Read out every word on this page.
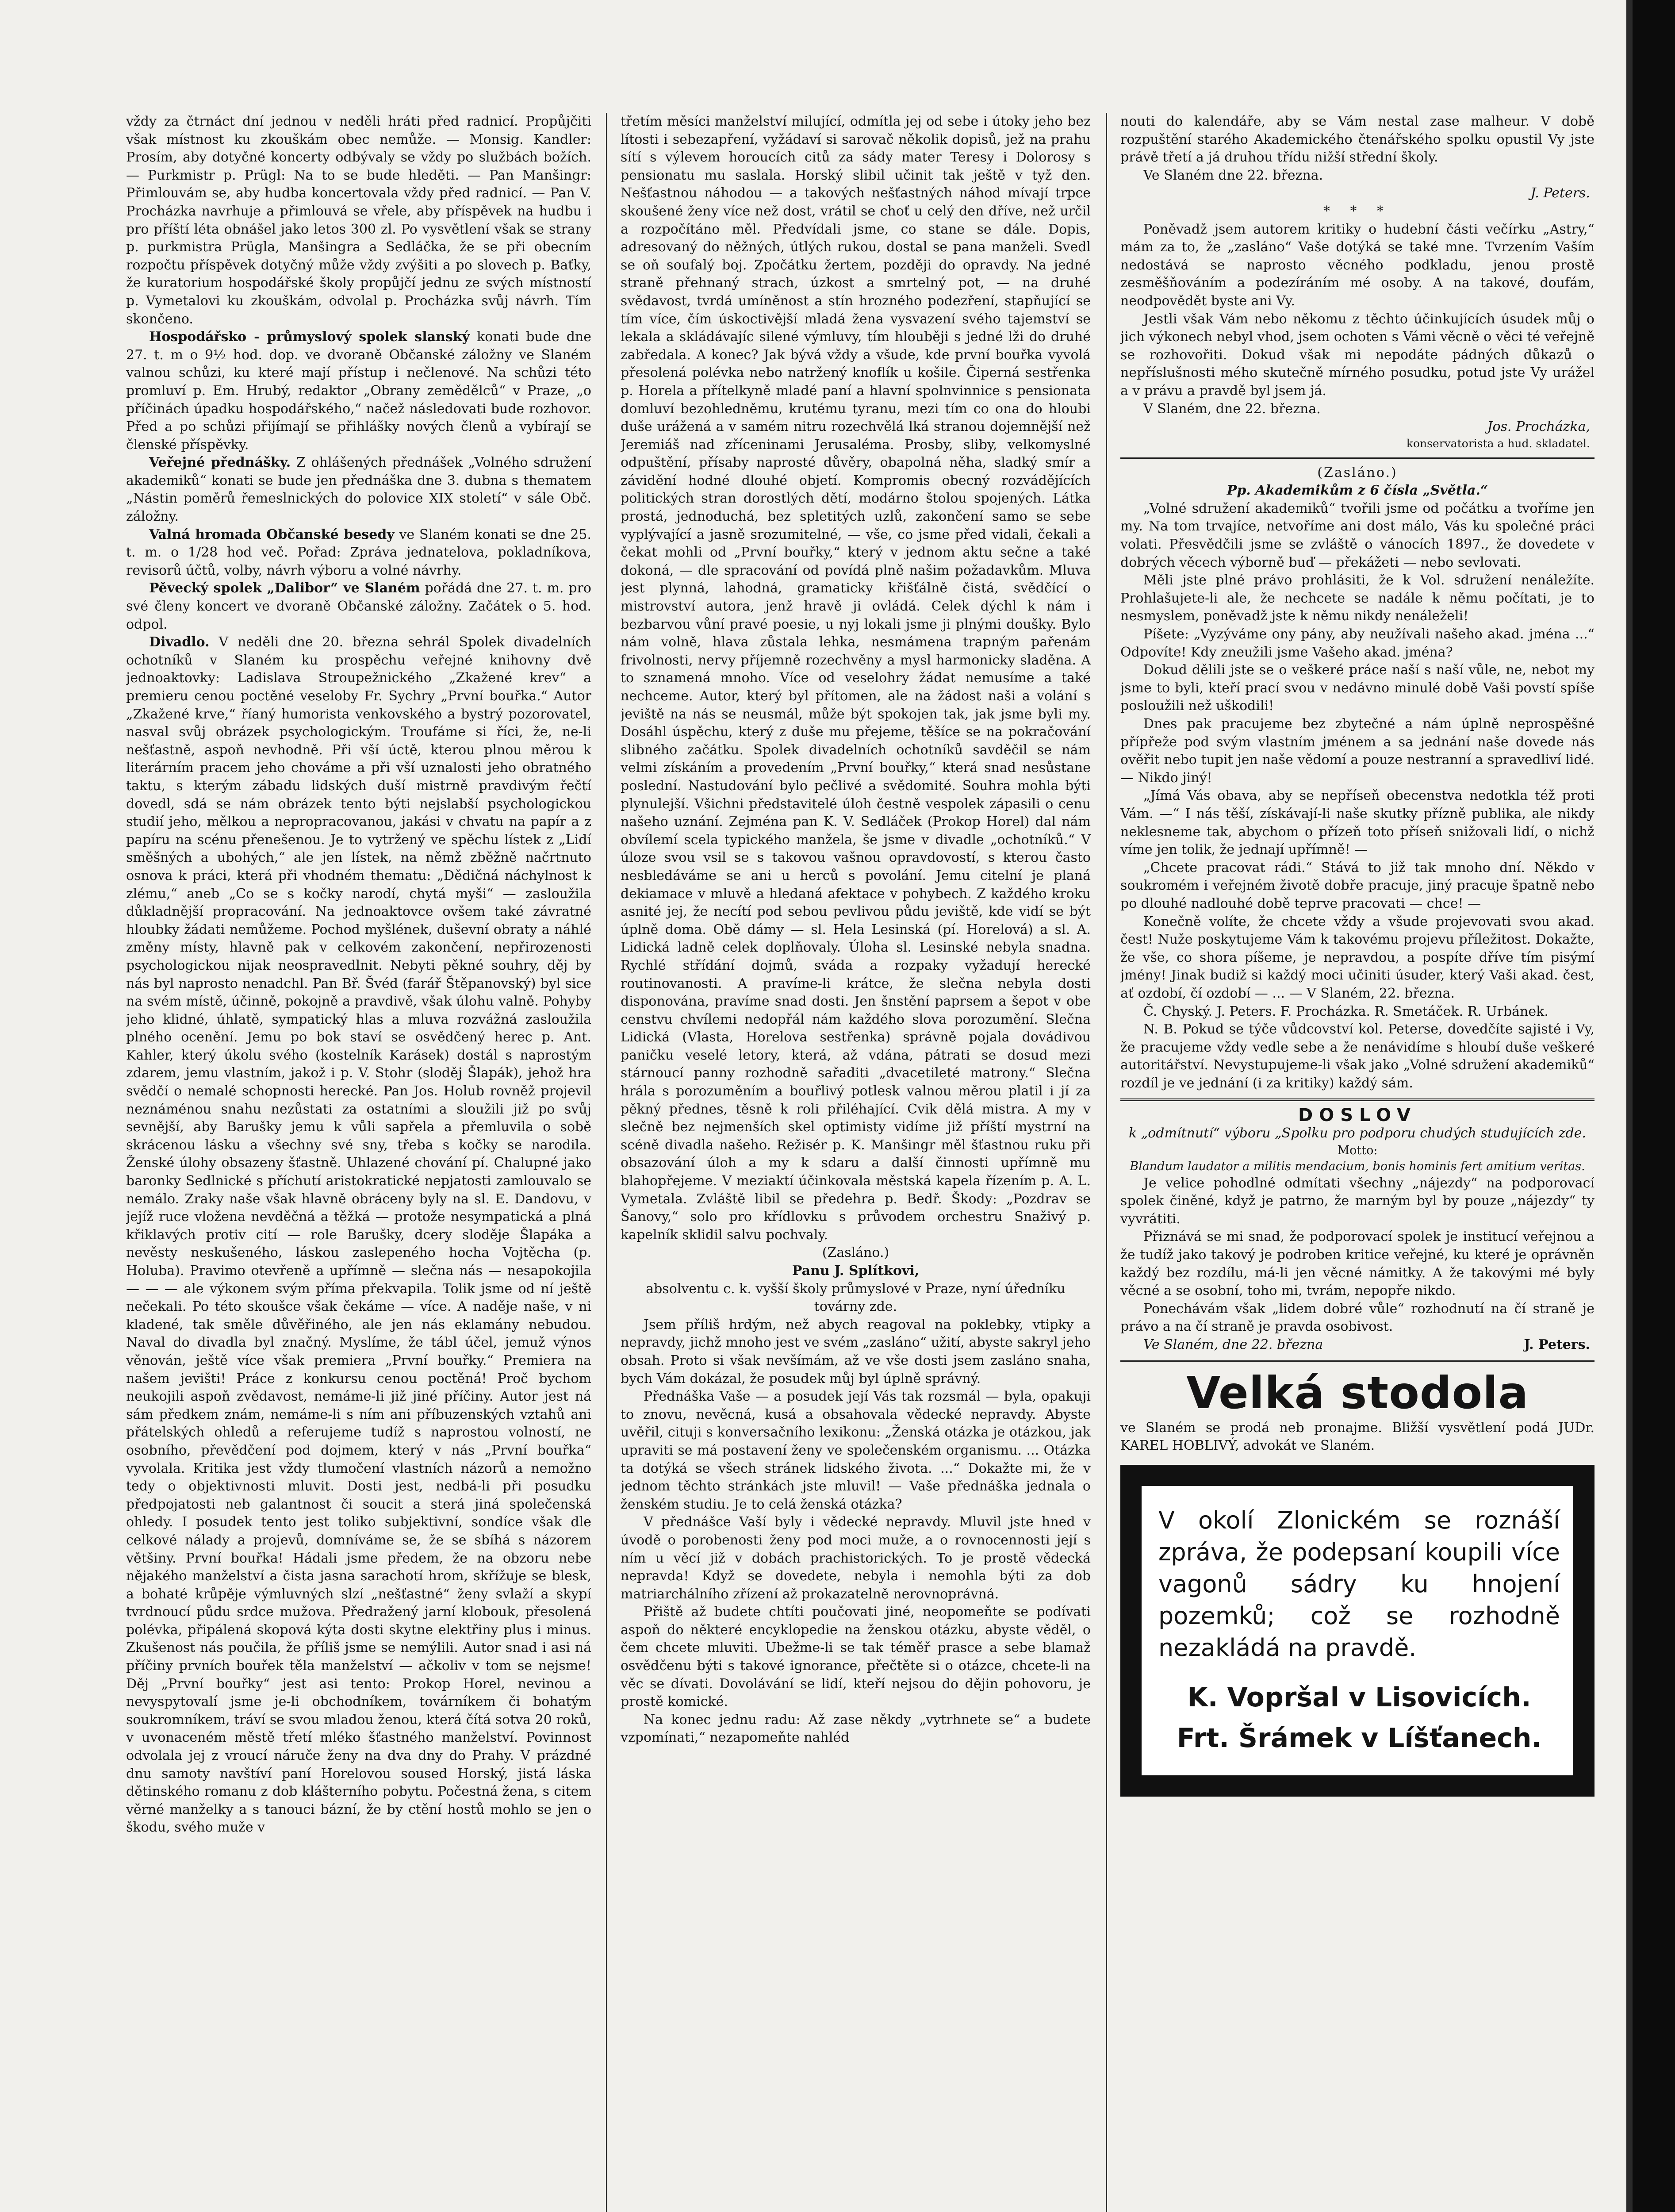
vždy za čtrnáct dní jednou v neděli hráti před radnicí. Propůjčiti však místnost ku zkouškám obec nemůže. — Monsig. Kandler: Prosím, aby dotyčné koncerty odbývaly se vždy po službách božích. — Purkmistr p. Prügl: Na to se bude hleděti. — Pan Manšingr: Přimlouvám se, aby hudba koncertovala vždy před radnicí. — Pan V. Procházka navrhuje a přimlouvá se vřele, aby příspěvek na hudbu i pro příští léta obnášel jako letos 300 zl. Po vysvětlení však se strany p. purkmistra Prügla, Manšingra a Sedláčka, že se při obecním rozpočtu příspěvek dotyčný může vždy zvýšiti a po slovech p. Baťky, že kuratorium hospodářské školy propůjčí jednu ze svých místností p. Vymetalovi ku zkouškám, odvolal p. Procházka svůj návrh. Tím skončeno.

Hospodářsko - průmyslový spolek slanský konati bude dne 27. t. m o 9½ hod. dop. ve dvoraně Občanské záložny ve Slaném valnou schůzi, ku které mají přístup i nečlenové. Na schůzi této promluví p. Em. Hrubý, redaktor „Obrany zemědělců“ v Praze, „o příčinách úpadku hospodářského,“ načež následovati bude rozhovor. Před a po schůzi přijímají se přihlášky nových členů a vybírají se členské příspěvky.

Veřejné přednášky. Z ohlášených přednášek „Volného sdružení akademiků“ konati se bude jen přednáška dne 3. dubna s thematem „Nástin poměrů řemeslnických do polovice XIX století“ v sále Obč. záložny.

Valná hromada Občanské besedy ve Slaném konati se dne 25. t. m. o 1/28 hod več. Pořad: Zpráva jednatelova, pokladníkova, revisorů účtů, volby, návrh výboru a volné návrhy.

Pěvecký spolek „Dalibor“ ve Slaném pořádá dne 27. t. m. pro své členy koncert ve dvoraně Občanské záložny. Začátek o 5. hod. odpol.

Divadlo. V neděli dne 20. března sehrál Spolek divadelních ochotníků v Slaném ku prospěchu veřejné knihovny dvě jednoaktovky: Ladislava Stroupežnického „Zkažené krev“ a premieru cenou poctěné veseloby Fr. Sychry „První bouřka.“ Autor „Zkažené krve,“ říaný humorista venkovského a bystrý pozorovatel, nasval svůj obrázek psychologickým. Troufáme si říci, že, ne-li nešťastně, aspoň nevhodně. Při vší úctě, kterou plnou měrou k literárním pracem jeho chováme a při vší uznalosti jeho obratného taktu, s kterým zábadu lidských duší mistrně pravdivým řečtí dovedl, sdá se nám obrázek tento býti nejslabší psychologickou studií jeho, mělkou a nepropracovanou, jakási v chvatu na papír a z papíru na scénu přenešenou. Je to vytržený ve spěchu lístek z „Lidí směšných a ubohých,“ ale jen lístek, na němž zběžně načrtnuto osnova k práci, která při vhodném thematu: „Dědičná náchylnost k zlému,“ aneb „Co se s kočky narodí, chytá myši“ — zasloužila důkladnější propracování. Na jednoaktovce ovšem také závratné hloubky žádati nemůžeme. Pochod myšlének, duševní obraty a náhlé změny místy, hlavně pak v celkovém zakončení, nepřirozenosti psychologickou nijak neospravedlnit. Nebyti pěkné souhry, děj by nás byl naprosto nenadchl. Pan Bř. Švéd (farář Štěpanovský) byl sice na svém místě, účinně, pokojně a pravdivě, však úlohu valně. Pohyby jeho klidné, úhlatě, sympatický hlas a mluva rozvážná zasloužila plného ocenění. Jemu po bok staví se osvědčený herec p. Ant. Kahler, který úkolu svého (kostelník Karásek) dostál s naprostým zdarem, jemu vlastním, jakož i p. V. Stohr (sloděj Šlapák), jehož hra svědčí o nemalé schopnosti herecké. Pan Jos. Holub rovněž projevil neznáménou snahu nezůstati za ostatními a sloužili již po svůj sevnější, aby Barušky jemu k vůli sapřela a přemluvila o sobě skrácenou lásku a všechny své sny, třeba s kočky se narodila. Ženské úlohy obsazeny šťastně. Uhlazené chování pí. Chalupné jako baronky Sedlnické s příchutí aristokratické nepjatosti zamlouvalo se nemálo. Zraky naše však hlavně obráceny byly na sl. E. Dandovu, v jejíž ruce vložena nevděčná a těžká — protože nesympatická a plná křiklavých protiv cití — role Barušky, dcery sloděje Šlapáka a nevěsty neskušeného, láskou zaslepeného hocha Vojtěcha (p. Holuba). Pravimo otevřeně a upřímně — slečna nás — nesapokojila — — — ale výkonem svým příma překvapila. Tolik jsme od ní ještě nečekali. Po této skoušce však čekáme — více. A naděje naše, v ni kladené, tak směle důvěřiného, ale jen nás eklamány nebudou. Naval do divadla byl značný. Myslíme, že tábl účel, jemuž výnos věnován, ještě více však premiera „První bouřky.“ Premiera na našem jevišti! Práce z konkursu cenou poctěná! Proč bychom neukojili aspoň zvědavost, nemáme-li již jiné příčiny. Autor jest ná sám předkem znám, nemáme-li s ním ani příbuzenských vztahů ani přátelských ohledů a referujeme tudíž s naprostou volností, ne osobního, převědčení pod dojmem, který v nás „První bouřka“ vyvolala. Kritika jest vždy tlumočení vlastních názorů a nemožno tedy o objektivnosti mluvit. Dosti jest, nedbá-li při posudku předpojatosti neb galantnost či soucit a sterá jiná společenská ohledy. I posudek tento jest toliko subjektivní, sondíce však dle celkové nálady a projevů, domníváme se, že se sbíhá s názorem většiny. První bouřka! Hádali jsme předem, že na obzoru nebe nějakého manželství a čista jasna sarachotí hrom, skřížuje se blesk, a bohaté krůpěje výmluvných slzí „nešťastné“ ženy svlaží a skypí tvrdnoucí půdu srdce mužova. Předražený jarní klobouk, přesolená polévka, připálená skopová kýta dosti skytne elektřiny plus i minus. Zkušenost nás poučila, že příliš jsme se nemýlili. Autor snad i asi ná příčiny prvních bouřek těla manželství — ačkoliv v tom se nejsme! Děj „První bouřky“ jest asi tento: Prokop Horel, nevinou a nevyspytovalí jsme je-li obchodníkem, továrníkem či bohatým soukromníkem, tráví se svou mladou ženou, která čítá sotva 20 roků, v uvonaceném městě třetí mléko šťastného manželství. Povinnost odvolala jej z vroucí náruče ženy na dva dny do Prahy. V prázdné dnu samoty navštíví paní Horelovou soused Horský, jistá láska dětinského romanu z dob klášterního pobytu. Počestná žena, s citem věrné manželky a s tanouci bázní, že by ctění hostů mohlo se jen o škodu, svého muže v

třetím měsíci manželství milující, odmítla jej od sebe i útoky jeho bez lítosti i sebezapření, vyžádaví si sarovač několik dopisů, jež na prahu sítí s výlevem horoucích citů za sády mater Teresy i Dolorosy s pensionatu mu saslala. Horský slibil učinit tak ještě v tyž den. Nešťastnou náhodou — a takových nešťastných náhod mívají trpce skoušené ženy více než dost, vrátil se choť u celý den dříve, než určil a rozpočítáno měl. Předvídali jsme, co stane se dále. Dopis, adresovaný do něžných, útlých rukou, dostal se pana manželi. Svedl se oň soufalý boj. Zpočátku žertem, později do opravdy. Na jedné straně přehnaný strach, úzkost a smrtelný pot, — na druhé svědavost, tvrdá umíněnost a stín hrozného podezření, stapňující se tím více, čím úskoctivější mladá žena vysvazení svého tajemství se lekala a skládávajíc silené výmluvy, tím hlouběji s jedné lži do druhé zabředala. A konec? Jak bývá vždy a všude, kde první bouřka vyvolá přesolená polévka nebo natržený knoflík u košile. Čiperná sestřenka p. Horela a přítelkyně mladé paní a hlavní spolnvinnice s pensionata domluví bezohledněmu, krutému tyranu, mezi tím co ona do hloubi duše urážená a v samém nitru rozechvělá lká stranou dojemnější než Jeremiáš nad zříceninami Jerusaléma. Prosby, sliby, velkomyslné odpuštění, přísaby naprosté důvěry, obapolná něha, sladký smír a závidění hodné dlouhé objetí. Kompromis obecný rozvádějících politických stran dorostlých dětí, modárno štolou spojených. Látka prostá, jednoduchá, bez spletitých uzlů, zakončení samo se sebe vyplývající a jasně srozumitelné, — vše, co jsme před vidali, čekali a čekat mohli od „První bouřky,“ který v jednom aktu sečne a také dokoná, — dle spracování od povídá plně našim požadavkům. Mluva jest plynná, lahodná, gramaticky křišťálně čistá, svědčící o mistrovství autora, jenž hravě ji ovládá. Celek dýchl k nám i bezbarvou vůní pravé poesie, u nyj lokali jsme ji plnými doušky. Bylo nám volně, hlava zůstala lehka, nesmámena trapným pařenám frivolnosti, nervy příjemně rozechvěny a mysl harmonicky sladěna. A to sznamená mnoho. Více od veselohry žádat nemusíme a také nechceme. Autor, který byl přítomen, ale na žádost naši a volání s jeviště na nás se neusmál, může být spokojen tak, jak jsme byli my. Dosáhl úspěchu, který z duše mu přejeme, těšíce se na pokračování slibného začátku. Spolek divadelních ochotníků savděčil se nám velmi získáním a provedením „První bouřky,“ která snad nesůstane poslední. Nastudování bylo pečlivé a svědomité. Souhra mohla býti plynulejší. Všichni představitelé úloh čestně vespolek zápasili o cenu našeho uznání. Zejména pan K. V. Sedláček (Prokop Horel) dal nám obvílemí scela typického manžela, še jsme v divadle „ochotníků.“ V úloze svou vsil se s takovou vašnou opravdovostí, s kterou často nesbledáváme se ani u herců s povolání. Jemu citelní je planá dekiamace v mluvě a hledaná afektace v pohybech. Z každého kroku asnité jej, že necítí pod sebou pevlivou půdu jeviště, kde vidí se být úplně doma. Obě dámy — sl. Hela Lesinská (pí. Horelová) a sl. A. Lidická ladně celek doplňovaly. Úloha sl. Lesinské nebyla snadna. Rychlé střídání dojmů, sváda a rozpaky vyžadují herecké routinovanosti. A pravíme-li krátce, že slečna nebyla dosti disponována, pravíme snad dosti. Jen šnstění paprsem a šepot v obe censtvu chvílemi nedopřál nám každého slova porozumění. Slečna Lidická (Vlasta, Horelova sestřenka) správně pojala dovádivou paničku veselé letory, která, až vdána, pátrati se dosud mezi stárnoucí panny rozhodně sařaditi „dvacetileté matrony.“ Slečna hrála s porozuměním a bouřlivý potlesk valnou měrou platil i jí za pěkný přednes, těsně k roli přiléhající. Cvik dělá mistra. A my v slečně bez nejmenších skel optimisty vidíme již příští mystrní na scéně divadla našeho. Režisér p. K. Manšingr měl šťastnou ruku při obsazování úloh a my k sdaru a další činnosti upřímně mu blahopřejeme. V meziaktí účinkovala městská kapela řízením p. A. L. Vymetala. Zvláště libil se předehra p. Bedř. Škody: „Pozdrav se Šanovy,“ solo pro křídlovku s průvodem orchestru Snaživý p. kapelník sklidil salvu pochvaly.

(Zasláno.)

Panu J. Splítkovi,

absolventu c. k. vyšší školy průmyslové v Praze, nyní úředníku továrny zde.

Jsem příliš hrdým, než abych reagoval na poklebky, vtipky a nepravdy, jichž mnoho jest ve svém „zasláno“ užití, abyste sakryl jeho obsah. Proto si však nevšímám, až ve vše dosti jsem zasláno snaha, bych Vám dokázal, že posudek můj byl úplně správný.

Přednáška Vaše — a posudek její Vás tak rozsmál — byla, opakuji to znovu, nevěcná, kusá a obsahovala vědecké nepravdy. Abyste uvěřil, cituji s konversačního lexikonu: „Ženská otázka je otázkou, jak upraviti se má postavení ženy ve společenském organismu. ... Otázka ta dotýká se všech stránek lidského života. ...“ Dokažte mi, že v jednom těchto stránkách jste mluvil! — Vaše přednáška jednala o ženském studiu. Je to celá ženská otázka?

V přednášce Vaší byly i vědecké nepravdy. Mluvil jste hned v úvodě o porobenosti ženy pod moci muže, a o rovnocennosti její s ním u věcí již v dobách prachistorických. To je prostě vědecká nepravda! Když se dovedete, nebyla i nemohla býti za dob matriarchálního zřízení až prokazatelně nerovnoprávná.

Přiště až budete chtíti poučovati jiné, neopomeňte se podívati aspoň do některé encyklopedie na ženskou otázku, abyste věděl, o čem chcete mluviti. Ubežme-li se tak téměř prasce a sebe blamaž osvědčenu býti s takové ignorance, přečtěte si o otázce, chcete-li na věc se dívati. Dovolávání se lidí, kteří nejsou do dějin pohovoru, je prostě komické.

Na konec jednu radu: Až zase někdy „vytrhnete se“ a budete vzpomínati,“ nezapomeňte nahléd

nouti do kalendáře, aby se Vám nestal zase malheur. V době rozpuštění starého Akademického čtenářského spolku opustil Vy jste právě třetí a já druhou třídu nižší střední školy.

Ve Slaném dne 22. března.

J. Peters.

* * *

Poněvadž jsem autorem kritiky o hudební části večírku „Astry,“ mám za to, že „zasláno“ Vaše dotýká se také mne. Tvrzením Vaším nedostává se naprosto věcného podkladu, jenou prostě zesměšňováním a podezíráním mé osoby. A na takové, doufám, neodpovědět byste ani Vy.

Jestli však Vám nebo někomu z těchto účinkujících úsudek můj o jich výkonech nebyl vhod, jsem ochoten s Vámi věcně o věci té veřejně se rozhovořiti. Dokud však mi nepodáte pádných důkazů o nepříslušnosti mého skutečně mírného posudku, potud jste Vy urážel a v právu a pravdě byl jsem já.

V Slaném, dne 22. března.

Jos. Procházka,

konservatorista a hud. skladatel.

(Zasláno.)

Pp. Akademikům z 6 čísla „Světla.“

„Volné sdružení akademiků“ tvořili jsme od počátku a tvoříme jen my. Na tom trvajíce, netvoříme ani dost málo, Vás ku společné práci volati. Přesvědčili jsme se zvláště o vánocích 1897., že dovedete v dobrých věcech výborně buď — překážeti — nebo sevlovati.

Měli jste plné právo prohlásiti, že k Vol. sdružení nenáležíte. Prohlašujete-li ale, že nechcete se nadále k němu počítati, je to nesmyslem, poněvadž jste k němu nikdy nenáleželi!

Píšete: „Vyzýváme ony pány, aby neužívali našeho akad. jména ...“ Odpovíte! Kdy zneužili jsme Vašeho akad. jména?

Dokud dělili jste se o veškeré práce naší s naší vůle, ne, nebot my jsme to byli, kteří prací svou v nedávno minulé době Vaši povstí spíše posloužili než uškodili!

Dnes pak pracujeme bez zbytečné a nám úplně neprospěšné přípřeže pod svým vlastním jménem a sa jednání naše dovede nás ověřit nebo tupit jen naše vědomí a pouze nestranní a spravedliví lidé. — Nikdo jiný!

„Jímá Vás obava, aby se nepříseň obecenstva nedotkla též proti Vám. —“ I nás těší, získávají-li naše skutky přízně publika, ale nikdy neklesneme tak, abychom o přízeň toto příseň snižovali lidí, o nichž víme jen tolik, že jednají upřímně! —

„Chcete pracovat rádi.“ Stává to již tak mnoho dní. Někdo v soukromém i veřejném životě dobře pracuje, jiný pracuje špatně nebo po dlouhé nadlouhé době teprve pracovati — chce! —

Konečně volíte, že chcete vždy a všude projevovati svou akad. čest! Nuže poskytujeme Vám k takovému projevu příležitost. Dokažte, že vše, co shora píšeme, je nepravdou, a pospíte dříve tím pisýmí jmény! Jinak budiž si každý moci učiniti úsuder, který Vaši akad. čest, ať ozdobí, čí ozdobí — ... — V Slaném, 22. března.

Č. Chyský. J. Peters. F. Procházka. R. Smetáček. R. Urbánek.

N. B. Pokud se týče vůdcovství kol. Peterse, dovedčíte sajisté i Vy, že pracujeme vždy vedle sebe a že nenávidíme s hloubí duše veškeré autoritářství. Nevystupujeme-li však jako „Volné sdružení akademiků“ rozdíl je ve jednání (i za kritiky) každý sám.

DOSLOV

k „odmítnutí“ výboru „Spolku pro podporu chudých studujících zde.

Motto:

Blandum laudator a militis mendacium, bonis hominis fert amitium veritas.

Je velice pohodlné odmítati všechny „nájezdy“ na podporovací spolek činěné, když je patrno, že marným byl by pouze „nájezdy“ ty vyvrátiti.

Přiznává se mi snad, že podporovací spolek je institucí veřejnou a že tudíž jako takový je podroben kritice veřejné, ku které je oprávněn každý bez rozdílu, má-li jen věcné námitky. A že takovými mé byly věcné a se osobní, toho mi, tvrám, nepopře nikdo.

Ponechávám však „lidem dobré vůle“ rozhodnutí na čí straně je právo a na čí straně je pravda osobivost.

Ve Slaném, dne 22. března	J. Peters.

Velká stodola

ve Slaném se prodá neb pronajme. Bližší vysvětlení podá JUDr. KAREL HOBLIVÝ, advokát ve Slaném.

V okolí Zlonickém se roznáší zpráva, že podepsaní koupili více vagonů sádry ku hnojení pozemků; což se rozhodně nezakládá na pravdě.
K. Vopršal v Lisovicích.
Frt. Šrámek v Líšťanech.
